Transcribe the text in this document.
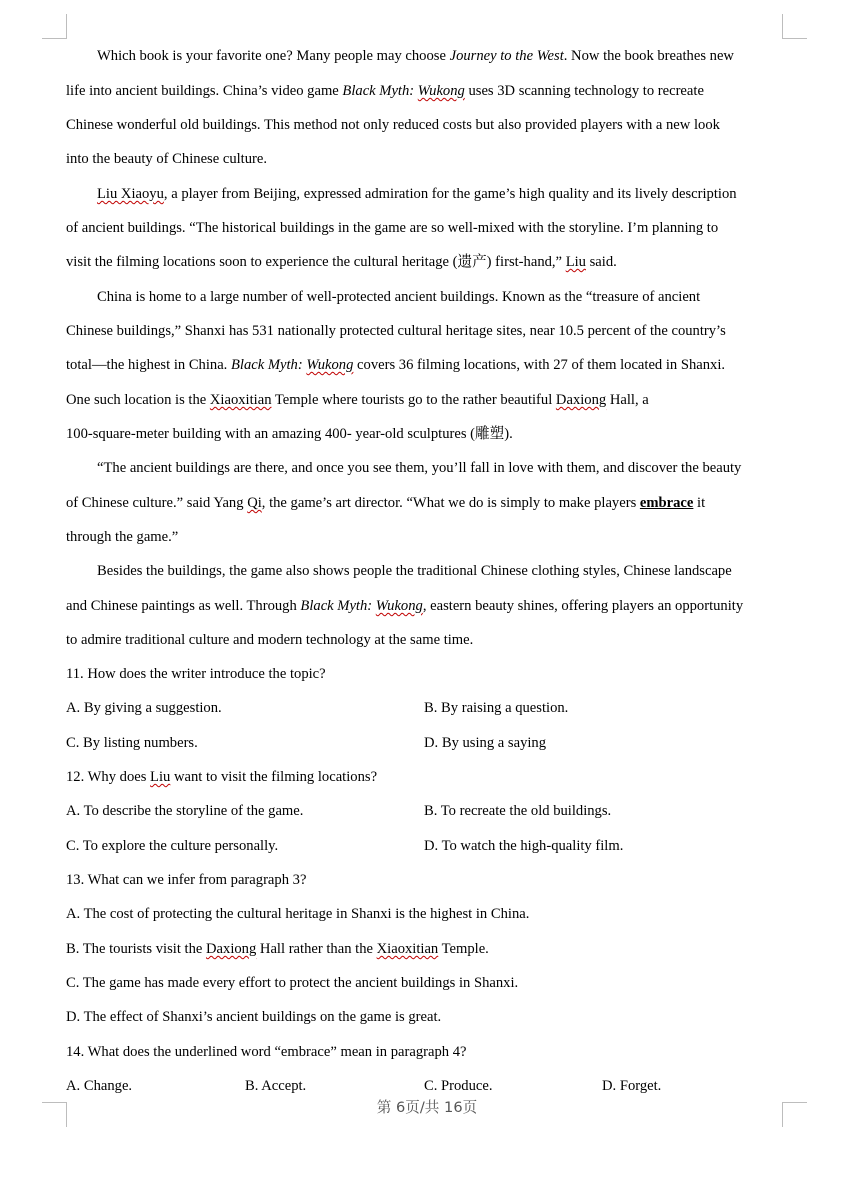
Which book is your favorite one? Many people may choose Journey to the West. Now the book breathes new
life into ancient buildings. China’s video game Black Myth: Wukong uses 3D scanning technology to recreate
Chinese wonderful old buildings. This method not only reduced costs but also provided players with a new look
into the beauty of Chinese culture.
Liu Xiaoyu, a player from Beijing, expressed admiration for the game’s high quality and its lively description
of ancient buildings. “The historical buildings in the game are so well-mixed with the storyline. I’m planning to
visit the filming locations soon to experience the cultural heritage (遗产) first-hand,” Liu said.
China is home to a large number of well-protected ancient buildings. Known as the “treasure of ancient
Chinese buildings,” Shanxi has 531 nationally protected cultural heritage sites, near 10.5 percent of the country’s
total—the highest in China. Black Myth: Wukong covers 36 filming locations, with 27 of them located in Shanxi.
One such location is the Xiaoxitian Temple where tourists go to the rather beautiful Daxiong Hall, a
100-square-meter building with an amazing 400- year-old sculptures (雕塑).
“The ancient buildings are there, and once you see them, you’ll fall in love with them, and discover the beauty
of Chinese culture.” said Yang Qi, the game’s art director. “What we do is simply to make players embrace it
through the game.”
Besides the buildings, the game also shows people the traditional Chinese clothing styles, Chinese landscape
and Chinese paintings as well. Through Black Myth: Wukong, eastern beauty shines, offering players an opportunity
to admire traditional culture and modern technology at the same time.
11. How does the writer introduce the topic?
A. By giving a suggestion.	B. By raising a question.
C. By listing numbers.	D. By using a saying
12. Why does Liu want to visit the filming locations?
A. To describe the storyline of the game.	B. To recreate the old buildings.
C. To explore the culture personally.	D. To watch the high-quality film.
13. What can we infer from paragraph 3?
A. The cost of protecting the cultural heritage in Shanxi is the highest in China.
B. The tourists visit the Daxiong Hall rather than the Xiaoxitian Temple.
C. The game has made every effort to protect the ancient buildings in Shanxi.
D. The effect of Shanxi’s ancient buildings on the game is great.
14. What does the underlined word “embrace” mean in paragraph 4?
A. Change.	B. Accept.	C. Produce.	D. Forget.
第 6页/共 16页
